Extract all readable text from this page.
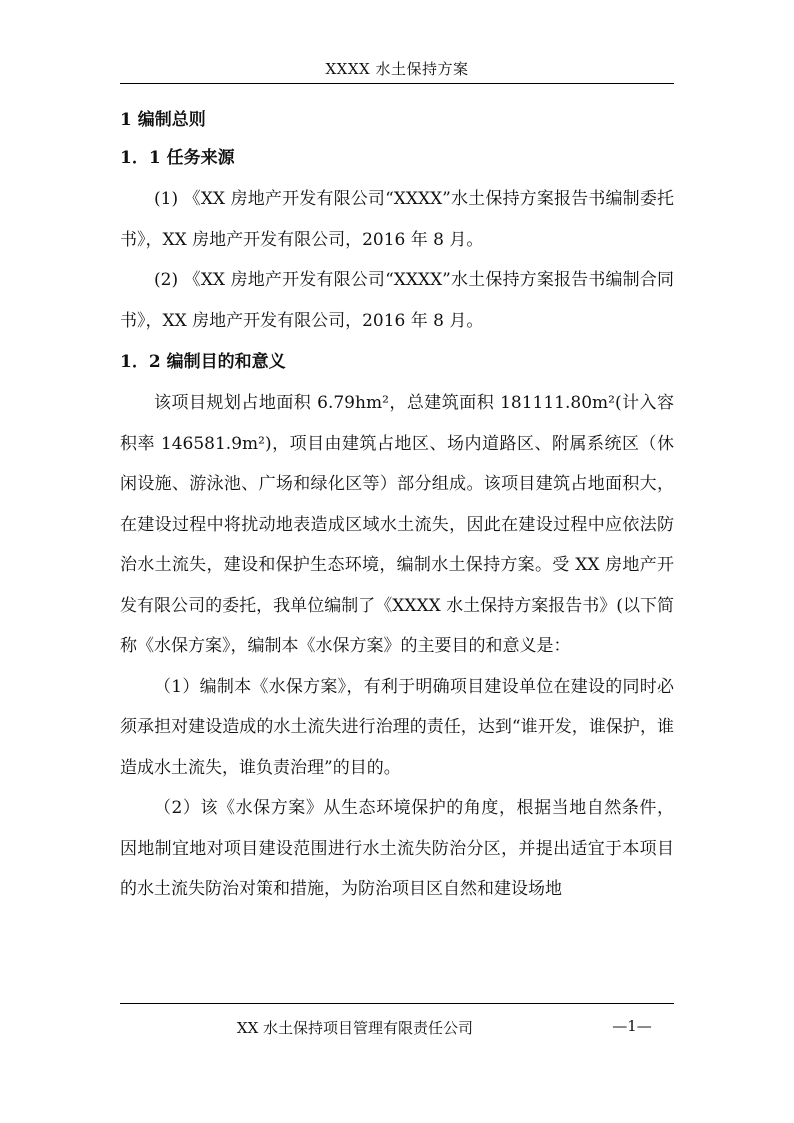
XXXX 水土保持方案
1 编制总则
1．1 任务来源

(1) 《XX 房地产开发有限公司“XXXX”水土保持方案报告书编制委托书》，XX 房地产开发有限公司，2016 年 8 月。

(2) 《XX 房地产开发有限公司“XXXX”水土保持方案报告书编制合同书》，XX 房地产开发有限公司，2016 年 8 月。

1．2 编制目的和意义

该项目规划占地面积 6.79hm²，总建筑面积 181111.80m²(计入容积率 146581.9m²)，项目由建筑占地区、场内道路区、附属系统区（休闲设施、游泳池、广场和绿化区等）部分组成。该项目建筑占地面积大，在建设过程中将扰动地表造成区域水土流失，因此在建设过程中应依法防治水土流失，建设和保护生态环境，编制水土保持方案。受 XX 房地产开发有限公司的委托，我单位编制了《XXXX 水土保持方案报告书》(以下简称《水保方案》，编制本《水保方案》的主要目的和意义是：

（1）编制本《水保方案》，有利于明确项目建设单位在建设的同时必须承担对建设造成的水土流失进行治理的责任，达到“谁开发，谁保护，谁造成水土流失，谁负责治理”的目的。

（2）该《水保方案》从生态环境保护的角度，根据当地自然条件，因地制宜地对项目建设范围进行水土流失防治分区，并提出适宜于本项目的水土流失防治对策和措施，为防治项目区自然和建设场地

XX 水土保持项目管理有限责任公司	—1—
